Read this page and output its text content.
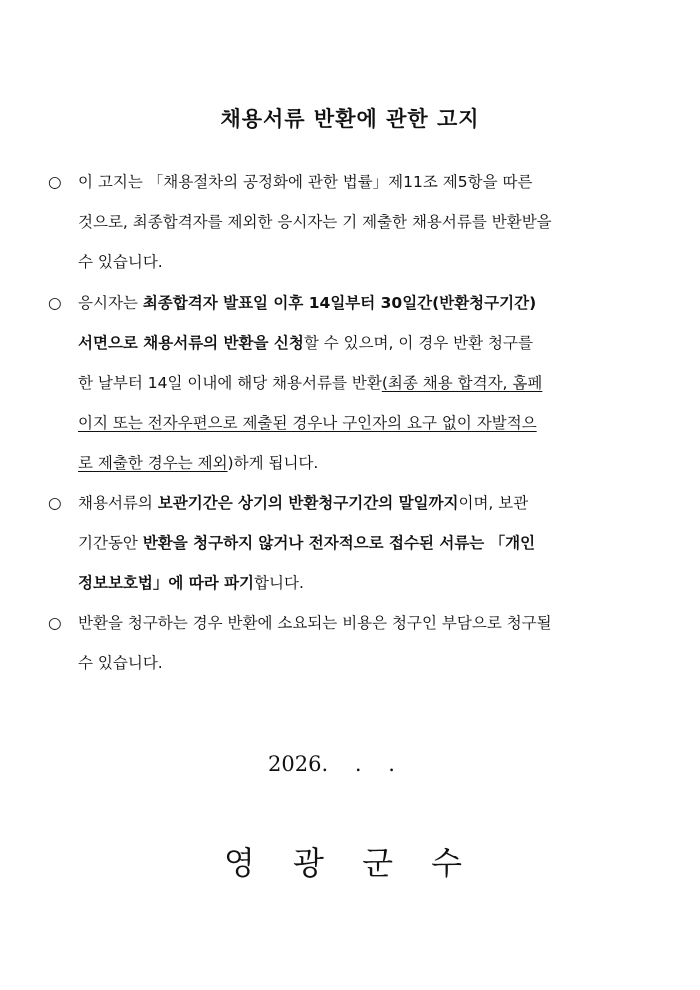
채용서류 반환에 관한 고지
○ 이 고지는 「채용절차의 공정화에 관한 법률」제11조 제5항을 따른
것으로, 최종합격자를 제외한 응시자는 기 제출한 채용서류를 반환받을
수 있습니다.
○ 응시자는 최종합격자 발표일 이후 14일부터 30일간(반환청구기간)
서면으로 채용서류의 반환을 신청할 수 있으며, 이 경우 반환 청구를
한 날부터 14일 이내에 해당 채용서류를 반환(최종 채용 합격자, 홈페
이지 또는 전자우편으로 제출된 경우나 구인자의 요구 없이 자발적으
로 제출한 경우는 제외)하게 됩니다.
○ 채용서류의 보관기간은 상기의 반환청구기간의 말일까지이며, 보관
기간동안 반환을 청구하지 않거나 전자적으로 접수된 서류는 「개인
정보보호법」에 따라 파기합니다.
○ 반환을 청구하는 경우 반환에 소요되는 비용은 청구인 부담으로 청구될
수 있습니다.
2026.    .    .
영 광 군 수
